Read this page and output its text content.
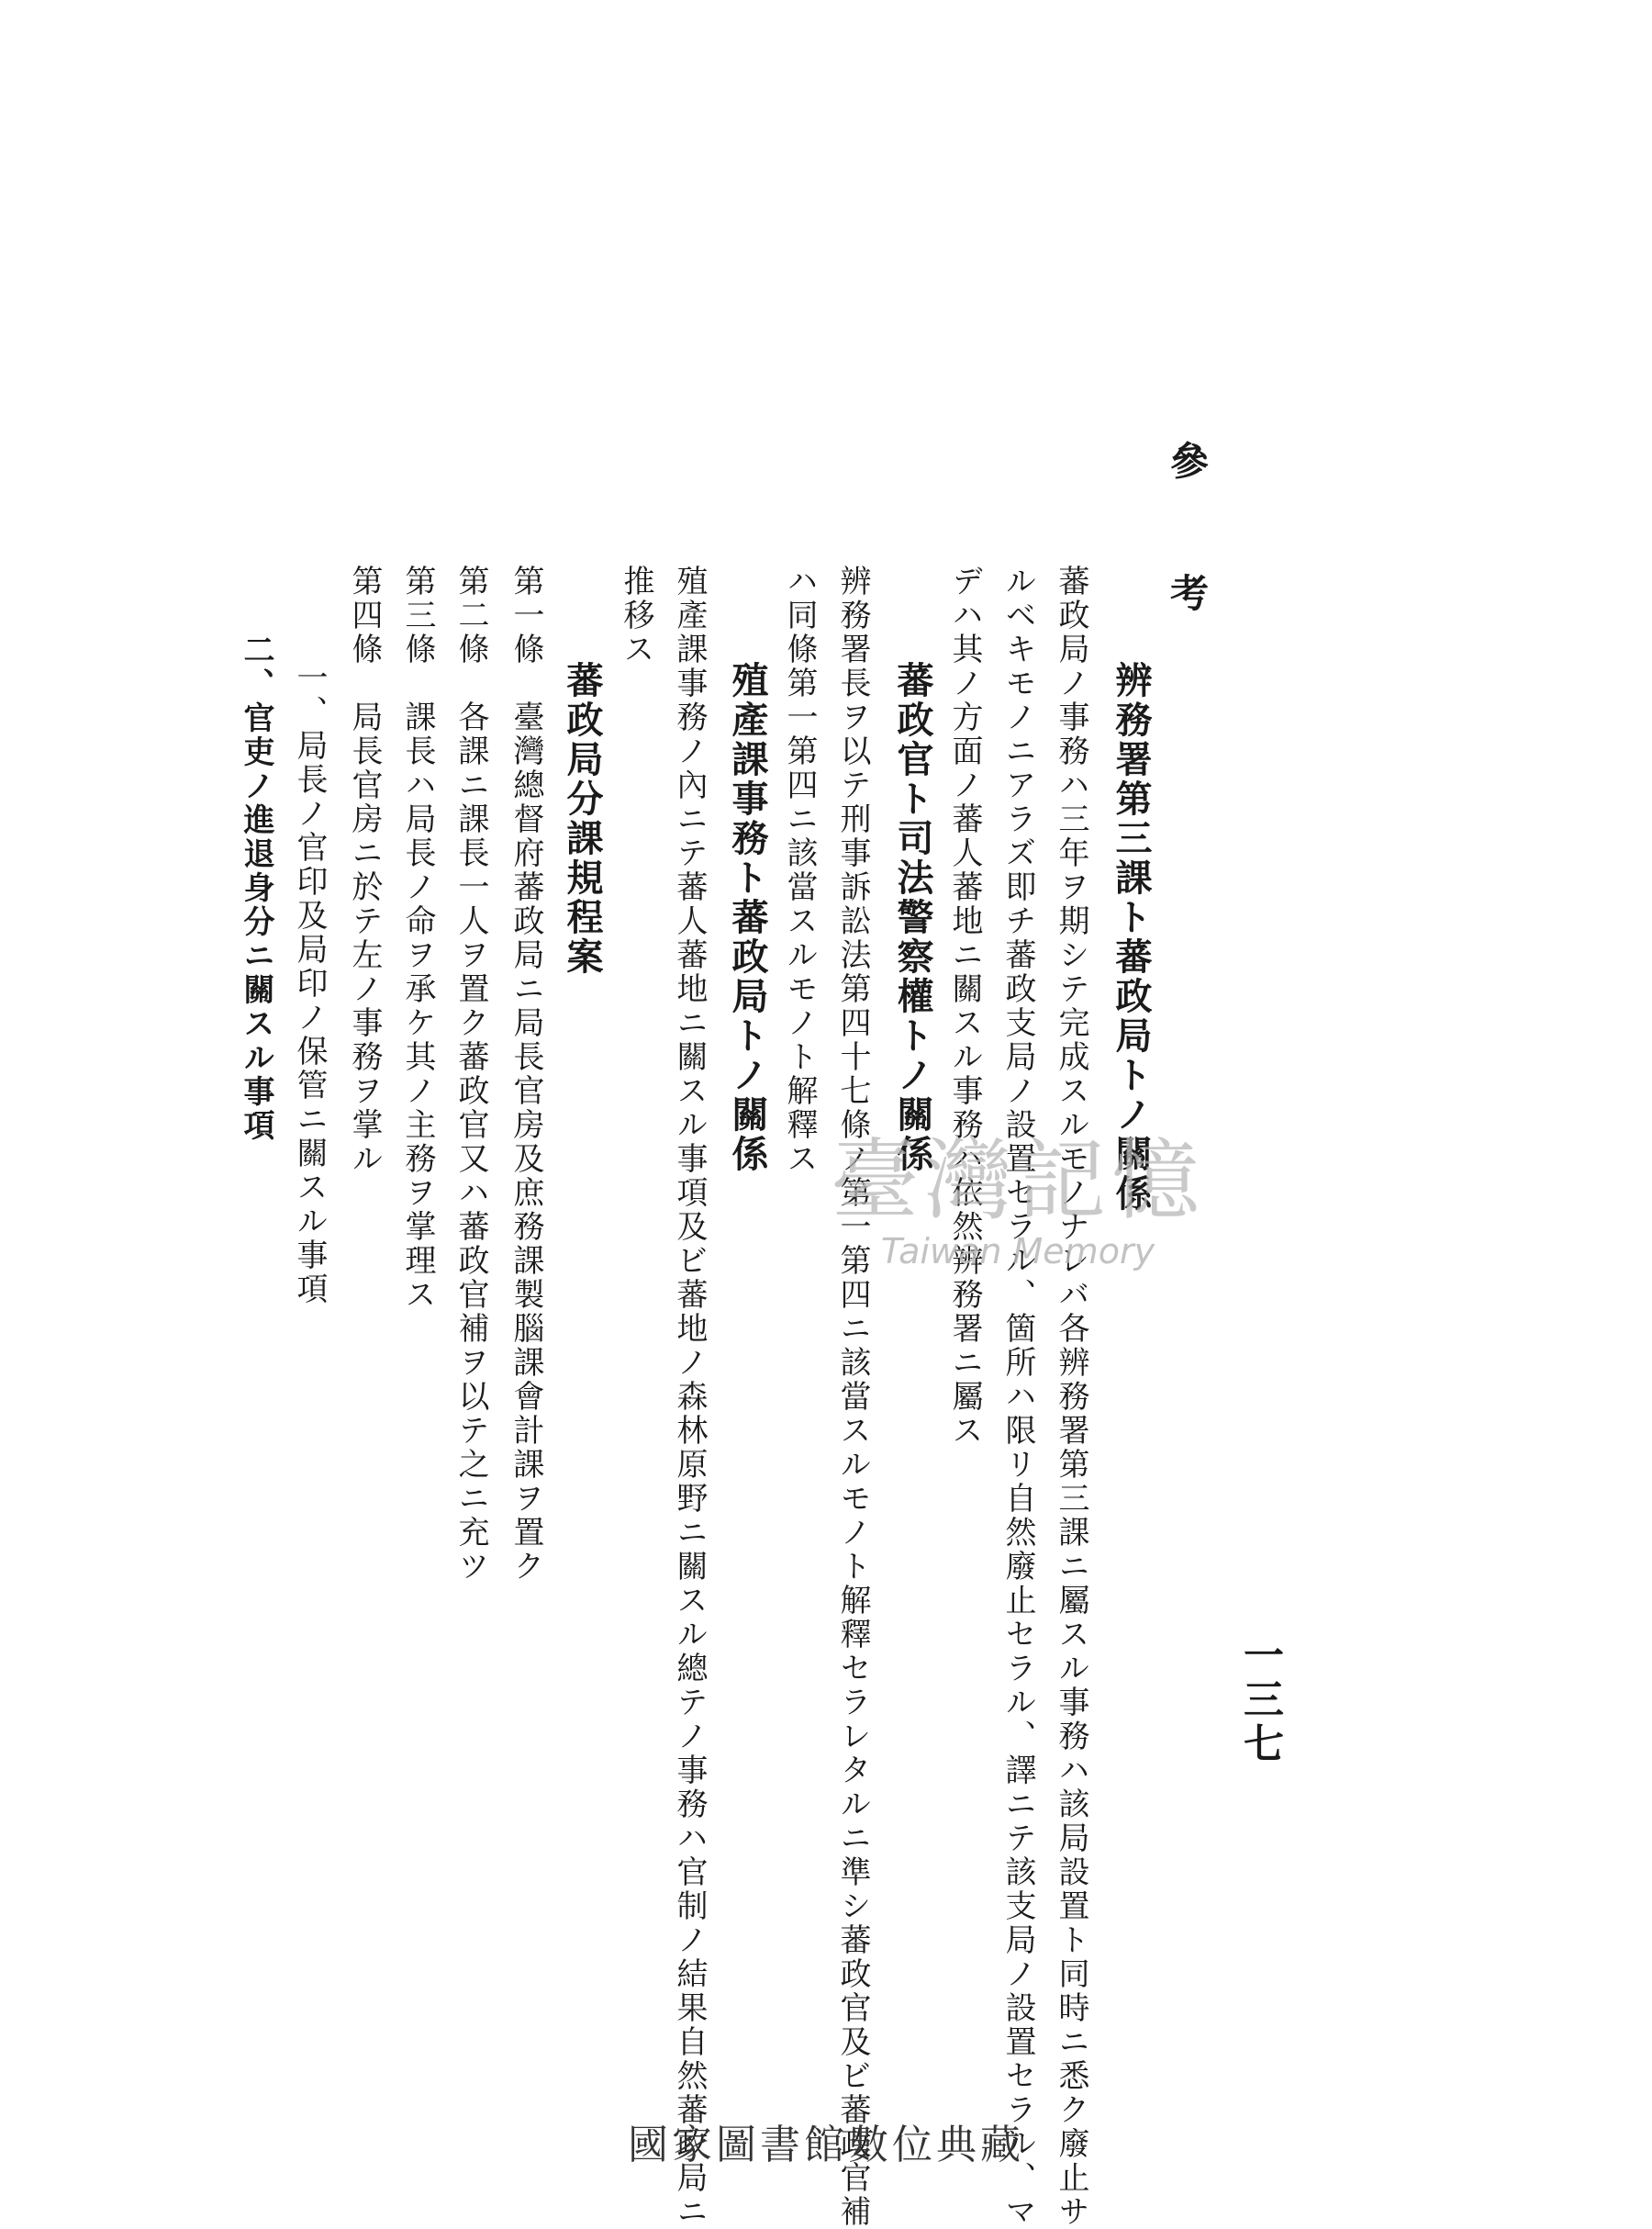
參　考
辨務署第三課ト蕃政局トノ關係
蕃政局ノ事務ハ三年ヲ期シテ完成スルモノナレバ各辨務署第三課ニ屬スル事務ハ該局設置ト同時ニ悉ク廢止サ
ルベキモノニアラズ即チ蕃政支局ノ設置セラル、箇所ハ限リ自然廢止セラル、譯ニテ該支局ノ設置セラル、マ
デハ其ノ方面ノ蕃人蕃地ニ關スル事務ハ依然辨務署ニ屬ス
蕃政官ト司法警察權トノ關係
辨務署長ヲ以テ刑事訴訟法第四十七條ノ第一第四ニ該當スルモノト解釋セラレタルニ準シ蕃政官及ビ蕃政官補
ハ同條第一第四ニ該當スルモノト解釋ス
殖產課事務ト蕃政局トノ關係
殖產課事務ノ內ニテ蕃人蕃地ニ關スル事項及ビ蕃地ノ森林原野ニ關スル總テノ事務ハ官制ノ結果自然蕃政局ニ
推移ス
蕃政局分課規程案
第一條　臺灣總督府蕃政局ニ局長官房及庶務課製腦課會計課ヲ置ク
第二條　各課ニ課長一人ヲ置ク蕃政官又ハ蕃政官補ヲ以テ之ニ充ツ
第三條　課長ハ局長ノ命ヲ承ケ其ノ主務ヲ掌理ス
第四條　局長官房ニ於テ左ノ事務ヲ掌ル
一、局長ノ官印及局印ノ保管ニ關スル事項
二、官吏ノ進退身分ニ關スル事項
臺灣記憶
Taiwan Memory
一三七
國家圖書館數位典藏
